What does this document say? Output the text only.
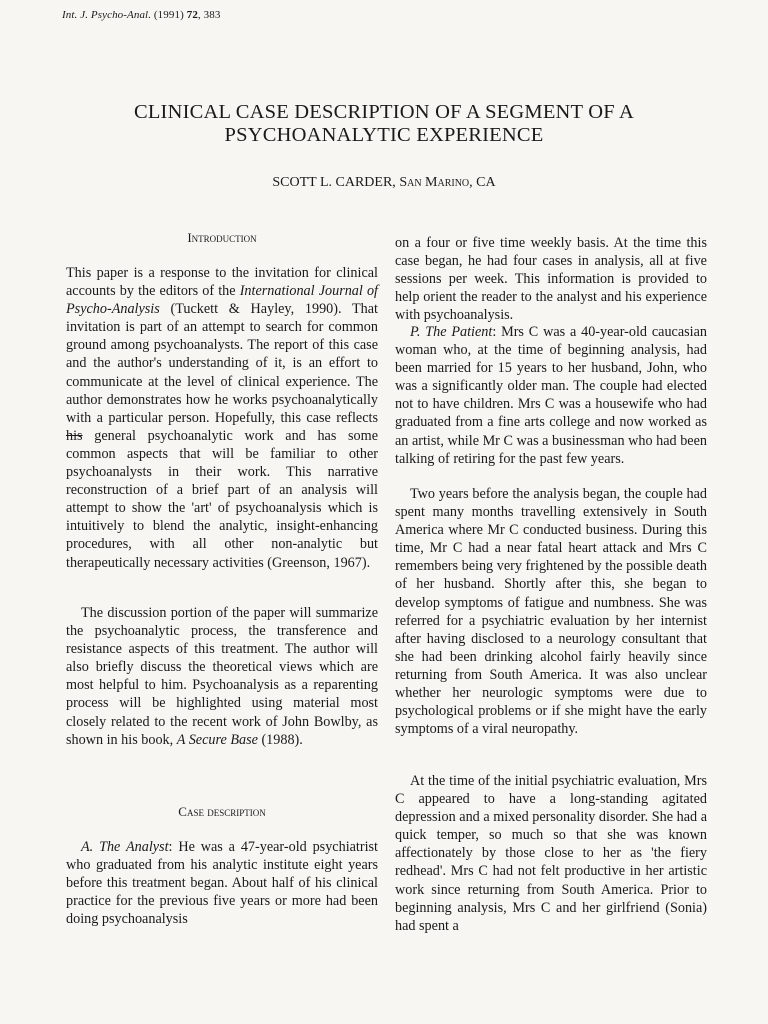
Int. J. Psycho-Anal. (1991) 72, 383
CLINICAL CASE DESCRIPTION OF A SEGMENT OF A
PSYCHOANALYTIC EXPERIENCE
SCOTT L. CARDER, San Marino, CA
Introduction

This paper is a response to the invitation for clinical accounts by the editors of the International Journal of Psycho-Analysis (Tuckett & Hayley, 1990). That invitation is part of an attempt to search for common ground among psychoanalysts. The report of this case and the author's understanding of it, is an effort to communicate at the level of clinical experience. The author demonstrates how he works psychoanalytically with a particular person. Hopefully, this case reflects his general psychoanalytic work and has some common aspects that will be familiar to other psychoanalysts in their work. This narrative reconstruction of a brief part of an analysis will attempt to show the 'art' of psychoanalysis which is intuitively to blend the analytic, insight-enhancing procedures, with all other non-analytic but therapeutically necessary activities (Greenson, 1967).

The discussion portion of the paper will summarize the psychoanalytic process, the transference and resistance aspects of this treatment. The author will also briefly discuss the theoretical views which are most helpful to him. Psychoanalysis as a reparenting process will be highlighted using material most closely related to the recent work of John Bowlby, as shown in his book, A Secure Base (1988).

Case description

A. The Analyst: He was a 47-year-old psychiatrist who graduated from his analytic institute eight years before this treatment began. About half of his clinical practice for the previous five years or more had been doing psychoanalysis

on a four or five time weekly basis. At the time this case began, he had four cases in analysis, all at five sessions per week. This information is provided to help orient the reader to the analyst and his experience with psychoanalysis.

P. The Patient: Mrs C was a 40-year-old caucasian woman who, at the time of beginning analysis, had been married for 15 years to her husband, John, who was a significantly older man. The couple had elected not to have children. Mrs C was a housewife who had graduated from a fine arts college and now worked as an artist, while Mr C was a businessman who had been talking of retiring for the past few years.

Two years before the analysis began, the couple had spent many months travelling extensively in South America where Mr C conducted business. During this time, Mr C had a near fatal heart attack and Mrs C remembers being very frightened by the possible death of her husband. Shortly after this, she began to develop symptoms of fatigue and numbness. She was referred for a psychiatric evaluation by her internist after having disclosed to a neurology consultant that she had been drinking alcohol fairly heavily since returning from South America. It was also unclear whether her neurologic symptoms were due to psychological problems or if she might have the early symptoms of a viral neuropathy.

At the time of the initial psychiatric evaluation, Mrs C appeared to have a long-standing agitated depression and a mixed personality disorder. She had a quick temper, so much so that she was known affectionately by those close to her as 'the fiery redhead'. Mrs C had not felt productive in her artistic work since returning from South America. Prior to beginning analysis, Mrs C and her girlfriend (Sonia) had spent a
